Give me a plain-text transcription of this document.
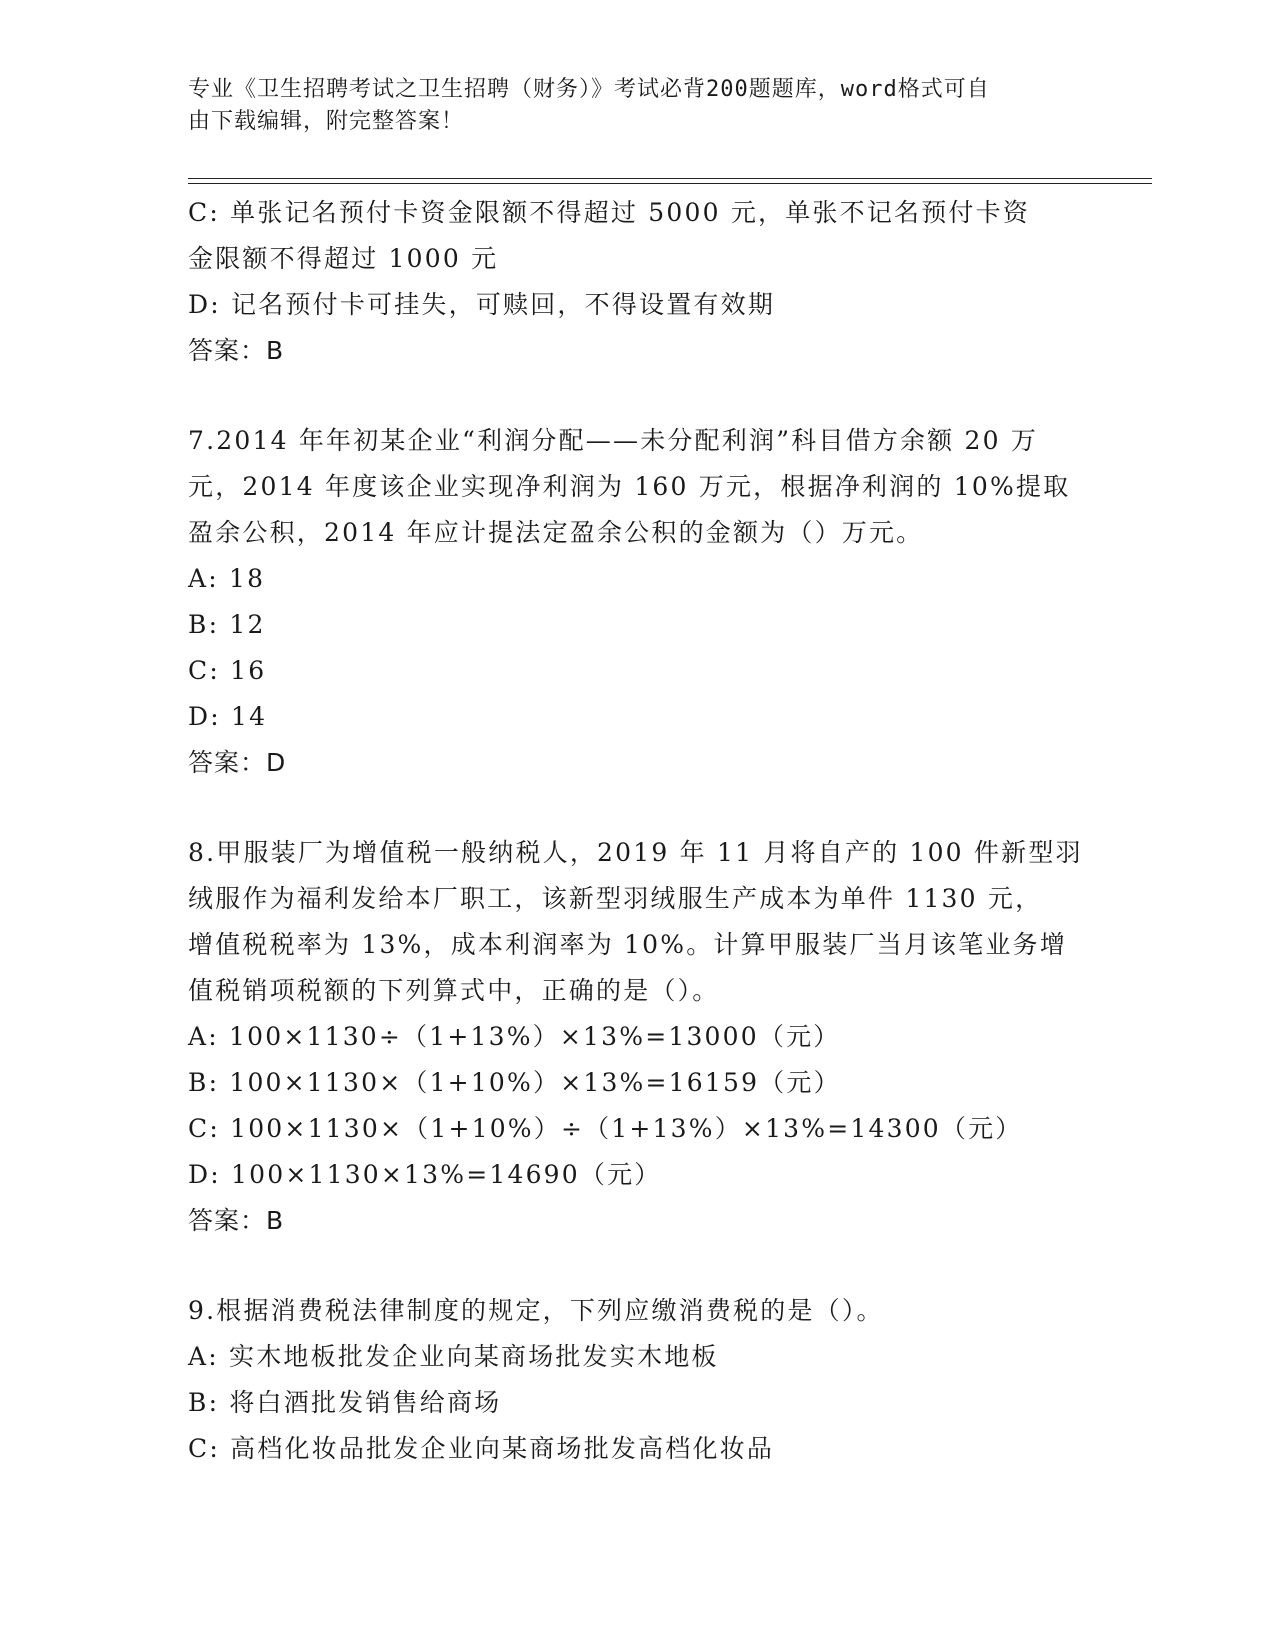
专业《卫生招聘考试之卫生招聘（财务）》考试必背200题题库，word格式可自
由下载编辑，附完整答案！
C: 单张记名预付卡资金限额不得超过 5000 元，单张不记名预付卡资
金限额不得超过 1000 元
D: 记名预付卡可挂失，可赎回，不得设置有效期
答案：B
7.2014 年年初某企业“利润分配——未分配利润”科目借方余额 20 万
元，2014 年度该企业实现净利润为 160 万元，根据净利润的 10%提取
盈余公积，2014 年应计提法定盈余公积的金额为（）万元。
A: 18
B: 12
C: 16
D: 14
答案：D
8.甲服装厂为增值税一般纳税人，2019 年 11 月将自产的 100 件新型羽
绒服作为福利发给本厂职工，该新型羽绒服生产成本为单件 1130 元，
增值税税率为 13%，成本利润率为 10%。计算甲服装厂当月该笔业务增
值税销项税额的下列算式中，正确的是（）。
A: 100×1130÷（1+13%）×13%=13000（元）
B: 100×1130×（1+10%）×13%=16159（元）
C: 100×1130×（1+10%）÷（1+13%）×13%=14300（元）
D: 100×1130×13%=14690（元）
答案：B
9.根据消费税法律制度的规定，下列应缴消费税的是（）。
A: 实木地板批发企业向某商场批发实木地板
B: 将白酒批发销售给商场
C: 高档化妆品批发企业向某商场批发高档化妆品
